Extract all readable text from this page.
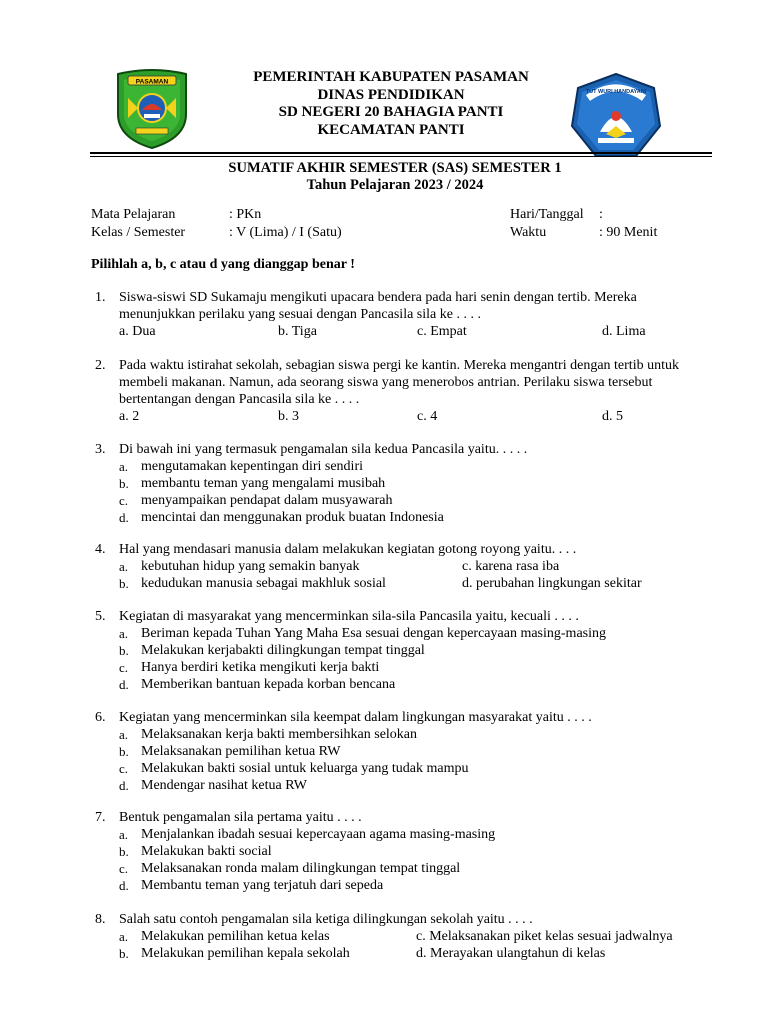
PASAMAN
TUT WURI HANDAYANI
PEMERINTAH KABUPATEN PASAMAN
DINAS PENDIDIKAN
SD NEGERI 20 BAHAGIA PANTI
KECAMATAN PANTI
SUMATIF AKHIR SEMESTER (SAS) SEMESTER 1
Tahun Pelajaran 2023 / 2024
Mata Pelajaran	: PKn
Kelas / Semester	: V (Lima) / I (Satu)
Hari/Tanggal :
Waktu	: 90 Menit
Pilihlah a, b, c atau d yang dianggap benar !
1. Siswa-siswi SD Sukamaju mengikuti upacara bendera pada hari senin dengan tertib. Mereka menunjukkan perilaku yang sesuai dengan Pancasila sila ke . . . .
a. Dua	b. Tiga	c. Empat	d. Lima
2. Pada waktu istirahat sekolah, sebagian siswa pergi ke kantin. Mereka mengantri dengan tertib untuk membeli makanan. Namun, ada seorang siswa yang menerobos antrian. Perilaku siswa tersebut bertentangan dengan Pancasila sila ke . . . .
a. 2	b. 3	c. 4	d. 5
3. Di bawah ini yang termasuk pengamalan sila kedua Pancasila yaitu. . . . .
a. mengutamakan kepentingan diri sendiri
b. membantu teman yang mengalami musibah
c. menyampaikan pendapat dalam musyawarah
d. mencintai dan menggunakan produk buatan Indonesia
4. Hal yang mendasari manusia dalam melakukan kegiatan gotong royong yaitu. . . .
a. kebutuhan hidup yang semakin banyak	c. karena rasa iba
b. kedudukan manusia sebagai makhluk sosial	d. perubahan lingkungan sekitar
5. Kegiatan di masyarakat yang mencerminkan sila-sila Pancasila yaitu, kecuali . . . .
a. Beriman kepada Tuhan Yang Maha Esa sesuai dengan kepercayaan masing-masing
b. Melakukan kerjabakti dilingkungan tempat tinggal
c. Hanya berdiri ketika mengikuti kerja bakti
d. Memberikan bantuan kepada korban bencana
6. Kegiatan yang mencerminkan sila keempat dalam lingkungan masyarakat yaitu . . . .
a. Melaksanakan kerja bakti membersihkan selokan
b. Melaksanakan pemilihan ketua RW
c. Melakukan bakti sosial untuk keluarga yang tudak mampu
d. Mendengar nasihat ketua RW
7. Bentuk pengamalan sila pertama yaitu . . . .
a. Menjalankan ibadah sesuai kepercayaan agama masing-masing
b. Melakukan bakti social
c. Melaksanakan ronda malam dilingkungan tempat tinggal
d. Membantu teman yang terjatuh dari sepeda
8. Salah satu contoh pengamalan sila ketiga dilingkungan sekolah yaitu . . . .
a. Melakukan pemilihan ketua kelas	c. Melaksanakan piket kelas sesuai jadwalnya
b. Melakukan pemilihan kepala sekolah	d. Merayakan ulangtahun di kelas
